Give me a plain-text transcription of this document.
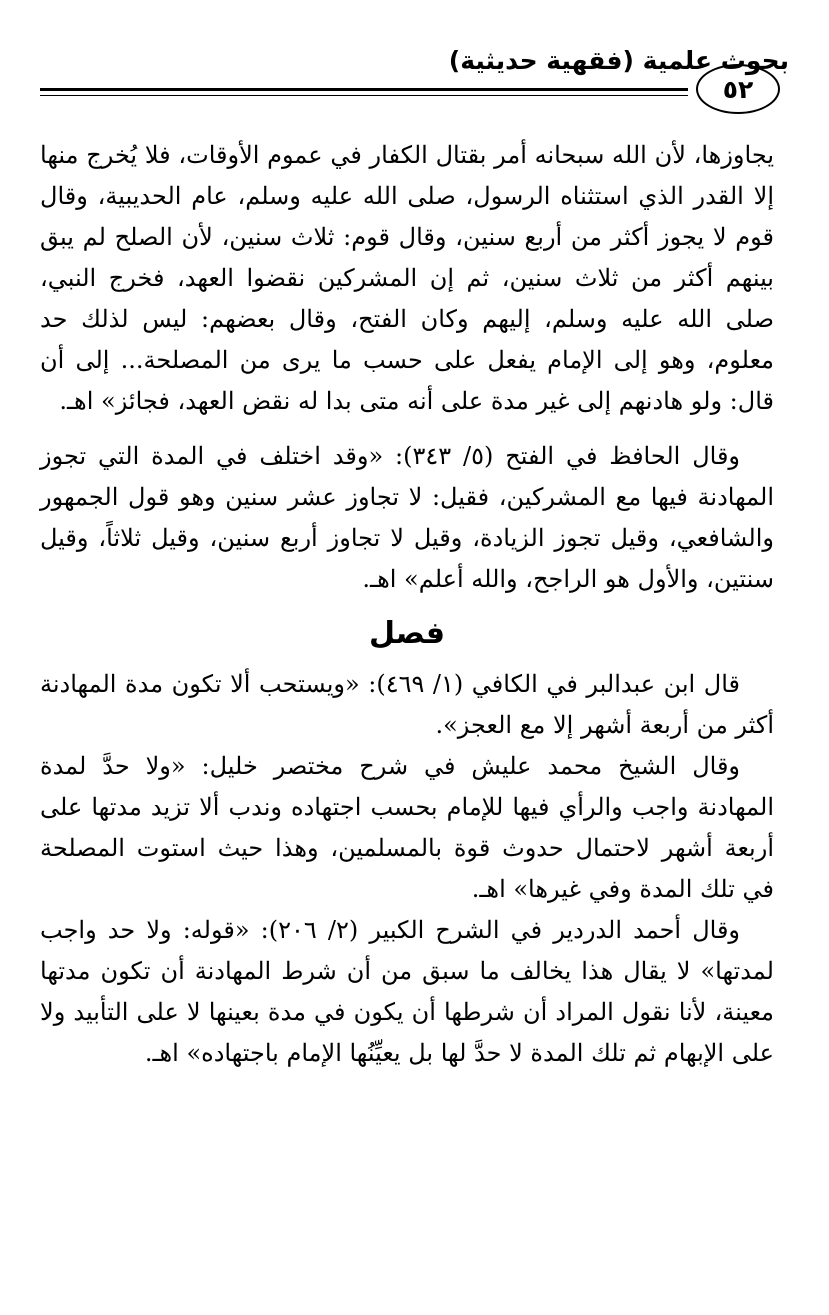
بحوث علمية (فقهية حديثية)
٥٢

يجاوزها، لأن الله سبحانه أمر بقتال الكفار في عموم الأوقات، فلا يُخرج منها إلا القدر الذي استثناه الرسول، صلى الله عليه وسلم، عام الحديبية، وقال قوم لا يجوز أكثر من أربع سنين، وقال قوم: ثلاث سنين، لأن الصلح لم يبق بينهم أكثر من ثلاث سنين، ثم إن المشركين نقضوا العهد، فخرج النبي، صلى الله عليه وسلم، إليهم وكان الفتح، وقال بعضهم: ليس لذلك حد معلوم، وهو إلى الإمام يفعل على حسب ما يرى من المصلحة... إلى أن قال: ولو هادنهم إلى غير مدة على أنه متى بدا له نقض العهد، فجائز» اهـ.

وقال الحافظ في الفتح (٥/ ٣٤٣): «وقد اختلف في المدة التي تجوز المهادنة فيها مع المشركين، فقيل: لا تجاوز عشر سنين وهو قول الجمهور والشافعي، وقيل تجوز الزيادة، وقيل لا تجاوز أربع سنين، وقيل ثلاثاً، وقيل سنتين، والأول هو الراجح، والله أعلم» اهـ.

فصل

قال ابن عبدالبر في الكافي (١/ ٤٦٩): «ويستحب ألا تكون مدة المهادنة أكثر من أربعة أشهر إلا مع العجز».

وقال الشيخ محمد عليش في شرح مختصر خليل: «ولا حدَّ لمدة المهادنة واجب والرأي فيها للإمام بحسب اجتهاده وندب ألا تزيد مدتها على أربعة أشهر لاحتمال حدوث قوة بالمسلمين، وهذا حيث استوت المصلحة في تلك المدة وفي غيرها» اهـ.

وقال أحمد الدردير في الشرح الكبير (٢/ ٢٠٦): «قوله: ولا حد واجب لمدتها» لا يقال هذا يخالف ما سبق من أن شرط المهادنة أن تكون مدتها معينة، لأنا نقول المراد أن شرطها أن يكون في مدة بعينها لا على التأبيد ولا على الإبهام ثم تلك المدة لا حدَّ لها بل يعيِّنُها الإمام باجتهاده» اهـ.
